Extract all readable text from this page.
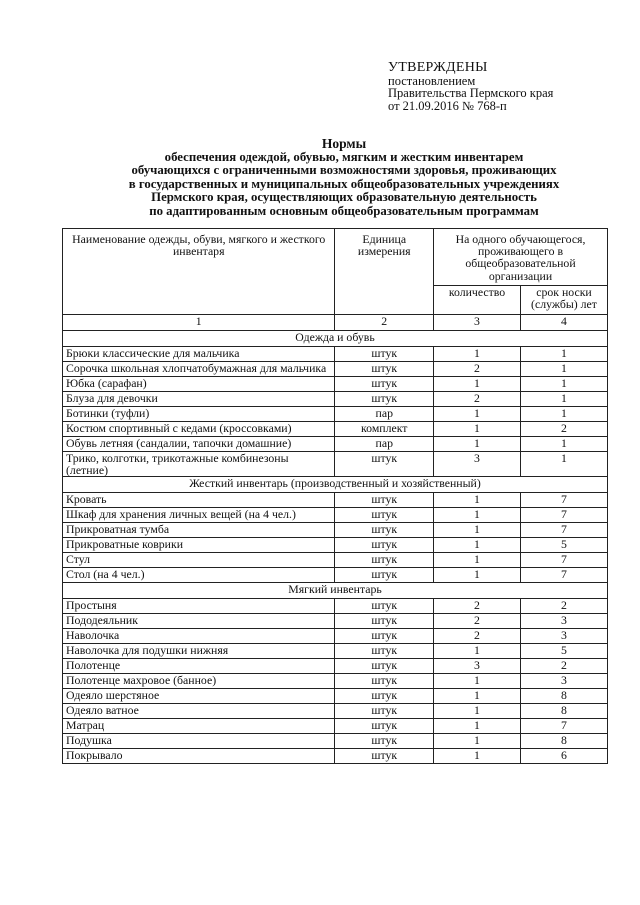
УТВЕРЖДЕНЫ
постановлением
Правительства Пермского края
от 21.09.2016 № 768-п
Нормы
обеспечения одеждой, обувью, мягким и жестким инвентарем
обучающихся с ограниченными возможностями здоровья, проживающих
в государственных и муниципальных общеобразовательных учреждениях
Пермского края, осуществляющих образовательную деятельность
по адаптированным основным общеобразовательным программам
Наименование одежды, обуви, мягкого и жесткого инвентаря	Единица измерения	На одного обучающегося, проживающего в общеобразовательной организации	
		количество	срок носки (службы) лет
1	2	3	4
Одежда и обувь			
Брюки классические для мальчика	штук	1	1
Сорочка школьная хлопчатобумажная для мальчика	штук	2	1
Юбка (сарафан)	штук	1	1
Блуза для девочки	штук	2	1
Ботинки (туфли)	пар	1	1
Костюм спортивный с кедами (кроссовками)	комплект	1	2
Обувь летняя (сандалии, тапочки домашние)	пар	1	1
Трико, колготки, трикотажные комбинезоны (летние)	штук	3	1
Жесткий инвентарь (производственный и хозяйственный)			
Кровать	штук	1	7
Шкаф для хранения личных вещей (на 4 чел.)	штук	1	7
Прикроватная тумба	штук	1	7
Прикроватные коврики	штук	1	5
Стул	штук	1	7
Стол (на 4 чел.)	штук	1	7
Мягкий инвентарь			
Простыня	штук	2	2
Пододеяльник	штук	2	3
Наволочка	штук	2	3
Наволочка для подушки нижняя	штук	1	5
Полотенце	штук	3	2
Полотенце махровое (банное)	штук	1	3
Одеяло шерстяное	штук	1	8
Одеяло ватное	штук	1	8
Матрац	штук	1	7
Подушка	штук	1	8
Покрывало	штук	1	6
